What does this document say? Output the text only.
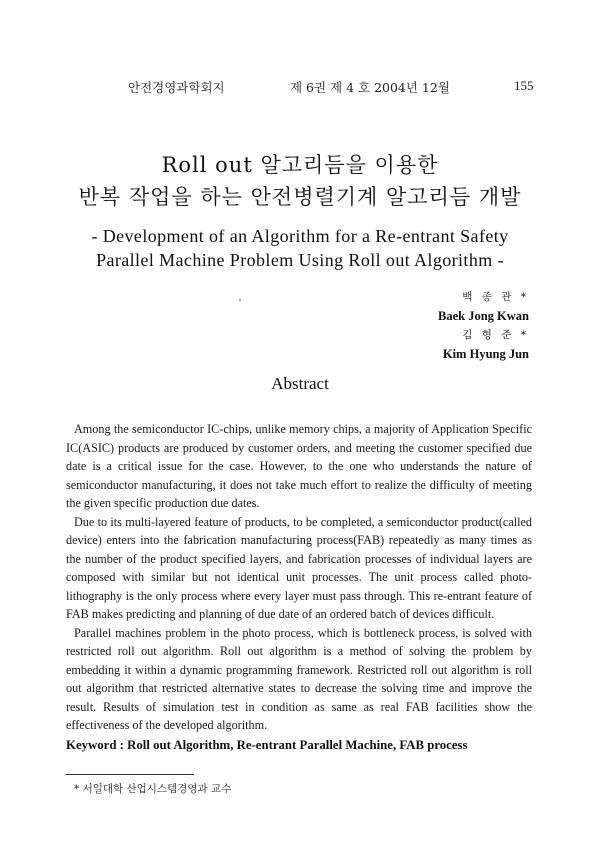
안전경영과학회지	제 6권 제 4 호 2004년 12월	155
Roll out 알고리듬을 이용한
반복 작업을 하는 안전병렬기계 알고리듬 개발
- Development of an Algorithm for a Re-entrant Safety
Parallel Machine Problem Using Roll out Algorithm -
백 종 관 *
Baek Jong Kwan
김 형 준 *
Kim Hyung Jun
Abstract

Among the semiconductor IC-chips, unlike memory chips, a majority of Application Specific IC(ASIC) products are produced by customer orders, and meeting the customer specified due date is a critical issue for the case. However, to the one who understands the nature of semiconductor manufacturing, it does not take much effort to realize the difficulty of meeting the given specific production due dates.

Due to its multi-layered feature of products, to be completed, a semiconductor product(called device) enters into the fabrication manufacturing process(FAB) repeatedly as many times as the number of the product specified layers, and fabrication processes of individual layers are composed with similar but not identical unit processes. The unit process called photo-lithography is the only process where every layer must pass through. This re-entrant feature of FAB makes predicting and planning of due date of an ordered batch of devices difficult.

Parallel machines problem in the photo process, which is bottleneck process, is solved with restricted roll out algorithm. Roll out algorithm is a method of solving the problem by embedding it within a dynamic programming framework. Restricted roll out algorithm is roll out algorithm that restricted alternative states to decrease the solving time and improve the result. Results of simulation test in condition as same as real FAB facilities show the effectiveness of the developed algorithm.

Keyword : Roll out Algorithm, Re-entrant Parallel Machine, FAB process
* 서일대학 산업시스템경영과 교수
